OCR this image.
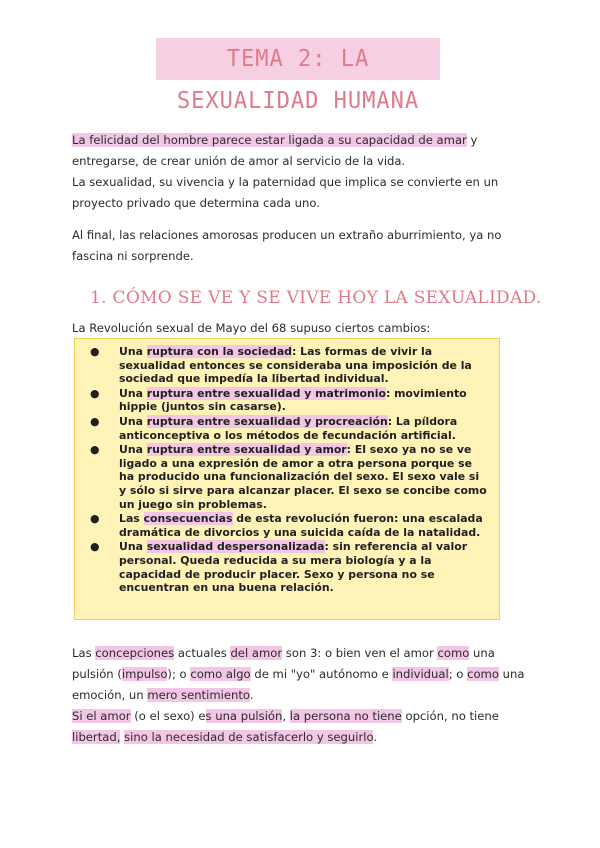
TEMA 2: LA SEXUALIDAD HUMANA

La felicidad del hombre parece estar ligada a su capacidad de amar y entregarse, de crear unión de amor al servicio de la vida.
La sexualidad, su vivencia y la paternidad que implica se convierte en un proyecto privado que determina cada uno.

Al final, las relaciones amorosas producen un extraño aburrimiento, ya no fascina ni sorprende.

1. CÓMO SE VE Y SE VIVE HOY LA SEXUALIDAD.

La Revolución sexual de Mayo del 68 supuso ciertos cambios:

● Una ruptura con la sociedad: Las formas de vivir la sexualidad entonces se consideraba una imposición de la sociedad que impedía la libertad individual.
● Una ruptura entre sexualidad y matrimonio: movimiento hippie (juntos sin casarse).
● Una ruptura entre sexualidad y procreación: La píldora anticonceptiva o los métodos de fecundación artificial.
● Una ruptura entre sexualidad y amor: El sexo ya no se ve ligado a una expresión de amor a otra persona porque se ha producido una funcionalización del sexo. El sexo vale si y sólo si sirve para alcanzar placer. El sexo se concibe como un juego sin problemas.
● Las consecuencias de esta revolución fueron: una escalada dramática de divorcios y una suicida caída de la natalidad.
● Una sexualidad despersonalizada: sin referencia al valor personal. Queda reducida a su mera biología y a la capacidad de producir placer. Sexo y persona no se encuentran en una buena relación.

Las concepciones actuales del amor son 3: o bien ven el amor como una pulsión (impulso); o como algo de mi "yo" autónomo e individual; o como una emoción, un mero sentimiento.
Si el amor (o el sexo) es una pulsión, la persona no tiene opción, no tiene libertad, sino la necesidad de satisfacerlo y seguirlo.
